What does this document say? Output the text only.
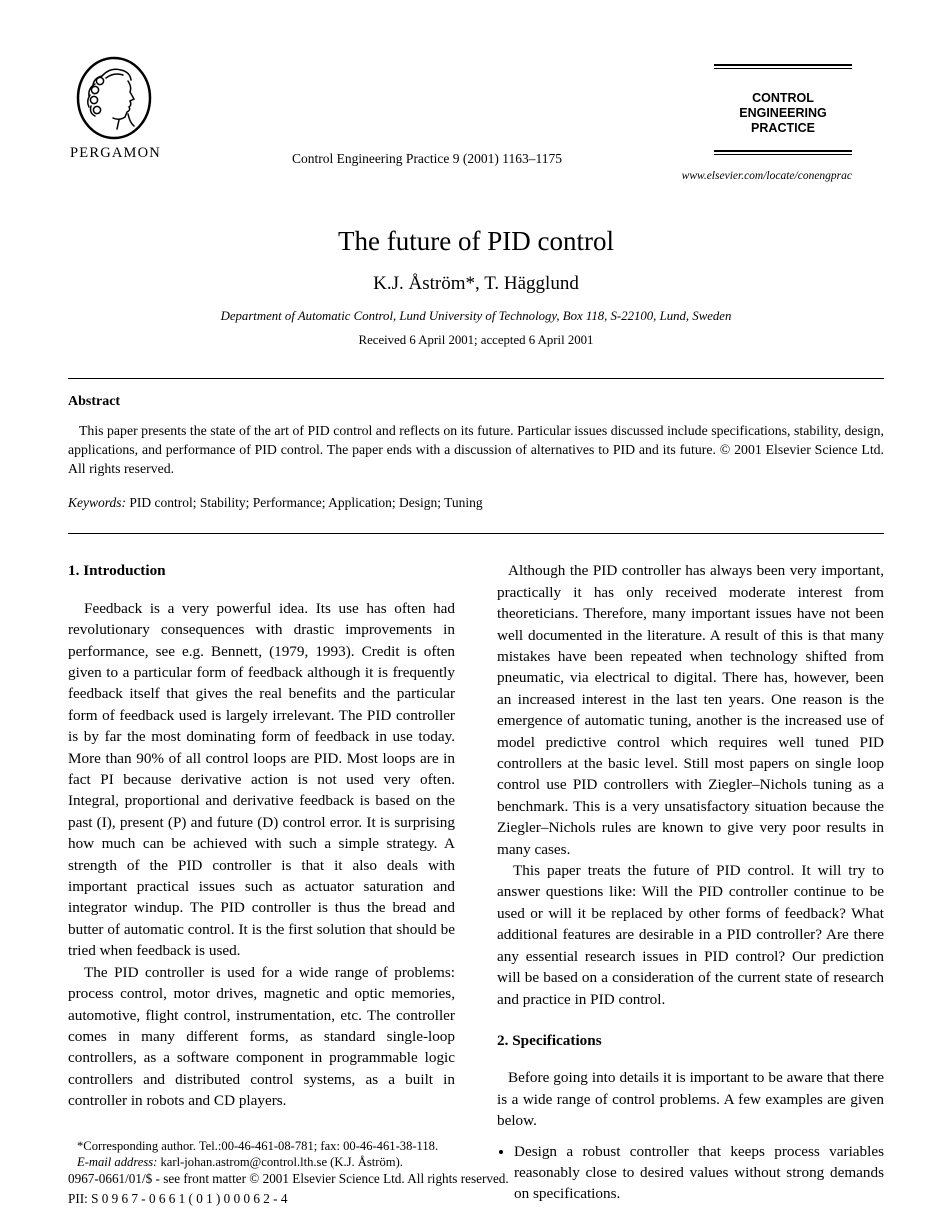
PERGAMON	Control Engineering Practice 9 (2001) 1163–1175
CONTROL ENGINEERING
PRACTICE
www.elsevier.com/locate/conengprac
The future of PID control
K.J. Åström*, T. Hägglund
Department of Automatic Control, Lund University of Technology, Box 118, S-22100, Lund, Sweden
Received 6 April 2001; accepted 6 April 2001
Abstract

This paper presents the state of the art of PID control and reflects on its future. Particular issues discussed include specifications, stability, design, applications, and performance of PID control. The paper ends with a discussion of alternatives to PID and its future. © 2001 Elsevier Science Ltd. All rights reserved.

Keywords: PID control; Stability; Performance; Application; Design; Tuning

1. Introduction

Feedback is a very powerful idea. Its use has often had revolutionary consequences with drastic improvements in performance, see e.g. Bennett, (1979, 1993). Credit is often given to a particular form of feedback although it is frequently feedback itself that gives the real benefits and the particular form of feedback used is largely irrelevant. The PID controller is by far the most dominating form of feedback in use today. More than 90% of all control loops are PID. Most loops are in fact PI because derivative action is not used very often. Integral, proportional and derivative feedback is based on the past (I), present (P) and future (D) control error. It is surprising how much can be achieved with such a simple strategy. A strength of the PID controller is that it also deals with important practical issues such as actuator saturation and integrator windup. The PID controller is thus the bread and butter of automatic control. It is the first solution that should be tried when feedback is used.

The PID controller is used for a wide range of problems: process control, motor drives, magnetic and optic memories, automotive, flight control, instrumentation, etc. The controller comes in many different forms, as standard single-loop controllers, as a software component in programmable logic controllers and distributed control systems, as a built in controller in robots and CD players.

*Corresponding author. Tel.:00-46-461-08-781; fax: 00-46-461-38-118.

E-mail address: karl-johan.astrom@control.lth.se (K.J. Åström).

Although the PID controller has always been very important, practically it has only received moderate interest from theoreticians. Therefore, many important issues have not been well documented in the literature. A result of this is that many mistakes have been repeated when technology shifted from pneumatic, via electrical to digital. There has, however, been an increased interest in the last ten years. One reason is the emergence of automatic tuning, another is the increased use of model predictive control which requires well tuned PID controllers at the basic level. Still most papers on single loop control use PID controllers with Ziegler–Nichols tuning as a benchmark. This is a very unsatisfactory situation because the Ziegler–Nichols rules are known to give very poor results in many cases.

This paper treats the future of PID control. It will try to answer questions like: Will the PID controller continue to be used or will it be replaced by other forms of feedback? What additional features are desirable in a PID controller? Are there any essential research issues in PID control? Our prediction will be based on a consideration of the current state of research and practice in PID control.

2. Specifications

Before going into details it is important to be aware that there is a wide range of control problems. A few examples are given below.

• Design a robust controller that keeps process variables reasonably close to desired values without strong demands on specifications.

0967-0661/01/$ - see front matter © 2001 Elsevier Science Ltd. All rights reserved.

PII: S 0 9 6 7 - 0 6 6 1 ( 0 1 ) 0 0 0 6 2 - 4
